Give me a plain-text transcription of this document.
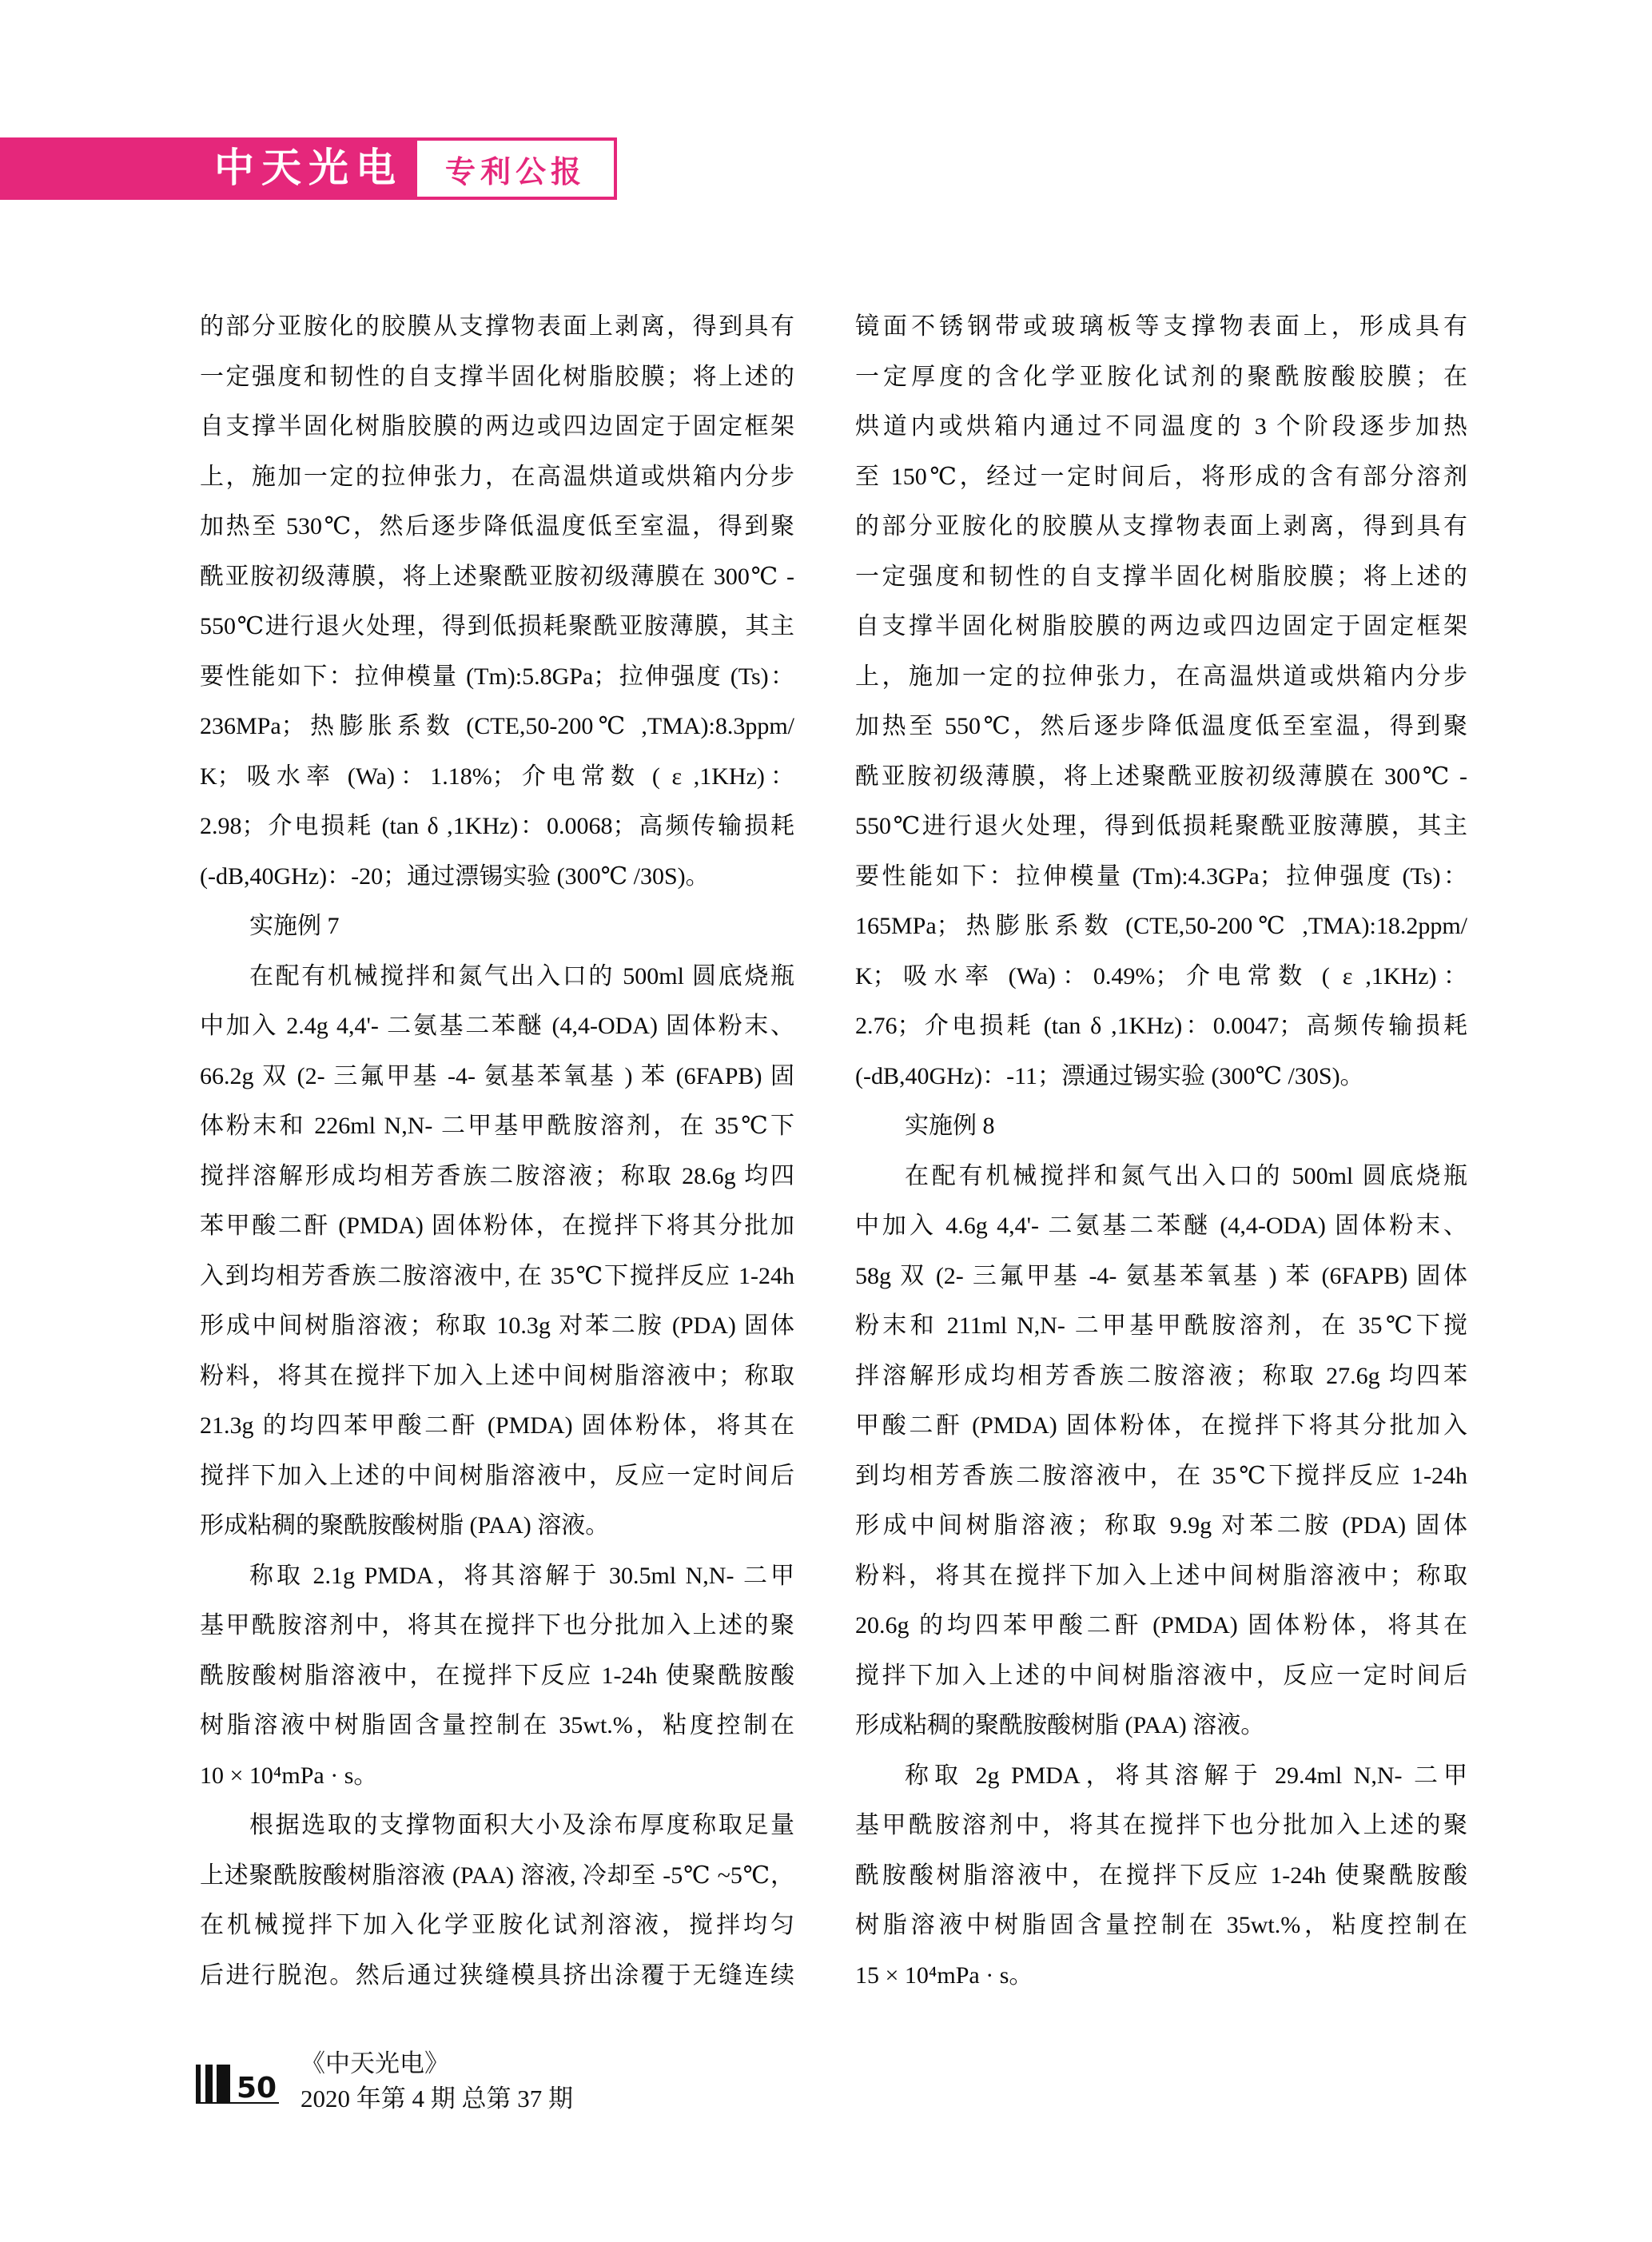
中天光电 专利公报
的部分亚胺化的胶膜从支撑物表面上剥离，得到具有
一定强度和韧性的自支撑半固化树脂胶膜；将上述的
自支撑半固化树脂胶膜的两边或四边固定于固定框架
上，施加一定的拉伸张力，在高温烘道或烘箱内分步
加热至 530℃，然后逐步降低温度低至室温，得到聚
酰亚胺初级薄膜，将上述聚酰亚胺初级薄膜在 300℃ -
550℃进行退火处理，得到低损耗聚酰亚胺薄膜，其主
要性能如下：拉伸模量 (Tm):5.8GPa；拉伸强度 (Ts)：
236MPa；热膨胀系数 (CTE,50-200℃ ,TMA):8.3ppm/
K；吸水率 (Wa)：1.18%；介电常数 ( ε ,1KHz)：
2.98；介电损耗 (tan δ ,1KHz)：0.0068；高频传输损耗
(-dB,40GHz)：-20；通过漂锡实验 (300℃ /30S)。
实施例 7
在配有机械搅拌和氮气出入口的 500ml 圆底烧瓶
中加入 2.4g 4,4'- 二氨基二苯醚 (4,4-ODA) 固体粉末、
66.2g 双 (2- 三氟甲基 -4- 氨基苯氧基 ) 苯 (6FAPB) 固
体粉末和 226ml N,N- 二甲基甲酰胺溶剂，在 35℃下
搅拌溶解形成均相芳香族二胺溶液；称取 28.6g 均四
苯甲酸二酐 (PMDA) 固体粉体，在搅拌下将其分批加
入到均相芳香族二胺溶液中, 在 35℃下搅拌反应 1-24h
形成中间树脂溶液；称取 10.3g 对苯二胺 (PDA) 固体
粉料，将其在搅拌下加入上述中间树脂溶液中；称取
21.3g 的均四苯甲酸二酐 (PMDA) 固体粉体，将其在
搅拌下加入上述的中间树脂溶液中，反应一定时间后
形成粘稠的聚酰胺酸树脂 (PAA) 溶液。
称取 2.1g PMDA，将其溶解于 30.5ml N,N- 二甲
基甲酰胺溶剂中，将其在搅拌下也分批加入上述的聚
酰胺酸树脂溶液中，在搅拌下反应 1-24h 使聚酰胺酸
树脂溶液中树脂固含量控制在 35wt.%，粘度控制在
10 × 10⁴mPa · s。
根据选取的支撑物面积大小及涂布厚度称取足量
上述聚酰胺酸树脂溶液 (PAA) 溶液, 冷却至 -5℃ ~5℃，
在机械搅拌下加入化学亚胺化试剂溶液，搅拌均匀
后进行脱泡。然后通过狭缝模具挤出涂覆于无缝连续
镜面不锈钢带或玻璃板等支撑物表面上，形成具有
一定厚度的含化学亚胺化试剂的聚酰胺酸胶膜；在
烘道内或烘箱内通过不同温度的 3 个阶段逐步加热
至 150℃，经过一定时间后，将形成的含有部分溶剂
的部分亚胺化的胶膜从支撑物表面上剥离，得到具有
一定强度和韧性的自支撑半固化树脂胶膜；将上述的
自支撑半固化树脂胶膜的两边或四边固定于固定框架
上，施加一定的拉伸张力，在高温烘道或烘箱内分步
加热至 550℃，然后逐步降低温度低至室温，得到聚
酰亚胺初级薄膜，将上述聚酰亚胺初级薄膜在 300℃ -
550℃进行退火处理，得到低损耗聚酰亚胺薄膜，其主
要性能如下：拉伸模量 (Tm):4.3GPa；拉伸强度 (Ts)：
165MPa；热膨胀系数 (CTE,50-200℃ ,TMA):18.2ppm/
K；吸水率 (Wa)：0.49%；介电常数 ( ε ,1KHz)：
2.76；介电损耗 (tan δ ,1KHz)：0.0047；高频传输损耗
(-dB,40GHz)：-11；漂通过锡实验 (300℃ /30S)。
实施例 8
在配有机械搅拌和氮气出入口的 500ml 圆底烧瓶
中加入 4.6g 4,4'- 二氨基二苯醚 (4,4-ODA) 固体粉末、
58g 双 (2- 三氟甲基 -4- 氨基苯氧基 ) 苯 (6FAPB) 固体
粉末和 211ml N,N- 二甲基甲酰胺溶剂，在 35℃下搅
拌溶解形成均相芳香族二胺溶液；称取 27.6g 均四苯
甲酸二酐 (PMDA) 固体粉体，在搅拌下将其分批加入
到均相芳香族二胺溶液中，在 35℃下搅拌反应 1-24h
形成中间树脂溶液；称取 9.9g 对苯二胺 (PDA) 固体
粉料，将其在搅拌下加入上述中间树脂溶液中；称取
20.6g 的均四苯甲酸二酐 (PMDA) 固体粉体，将其在
搅拌下加入上述的中间树脂溶液中，反应一定时间后
形成粘稠的聚酰胺酸树脂 (PAA) 溶液。
称取 2g PMDA，将其溶解于 29.4ml N,N- 二甲
基甲酰胺溶剂中，将其在搅拌下也分批加入上述的聚
酰胺酸树脂溶液中，在搅拌下反应 1-24h 使聚酰胺酸
树脂溶液中树脂固含量控制在 35wt.%，粘度控制在
15 × 10⁴mPa · s。
50
《中天光电》
2020 年第 4 期 总第 37 期
